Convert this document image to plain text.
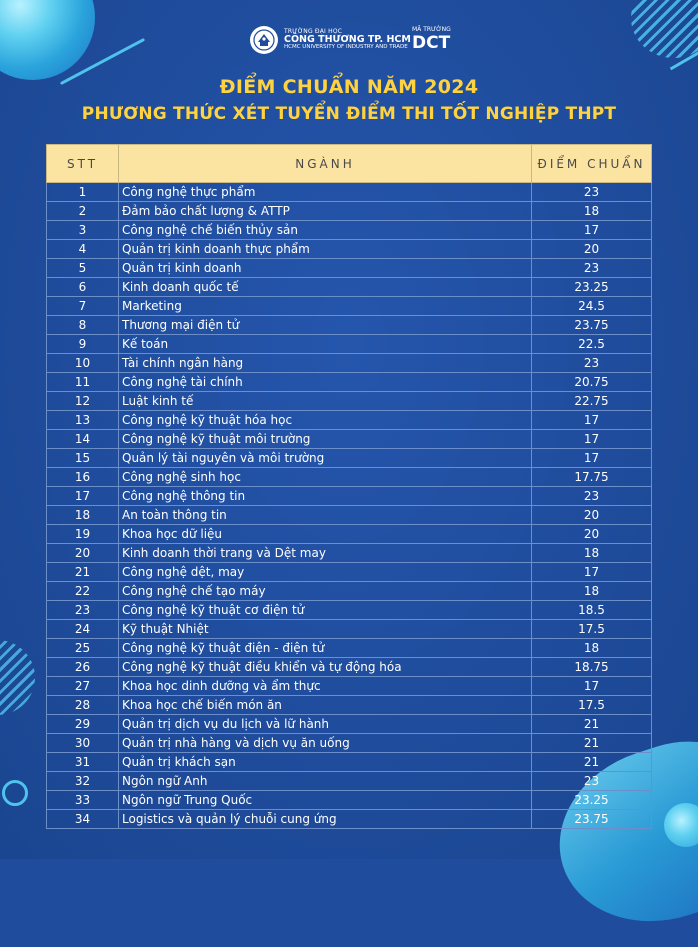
TRƯỜNG ĐẠI HỌC
CÔNG THƯƠNG TP. HCM
HCMC UNIVERSITY OF INDUSTRY AND TRADE
MÃ TRƯỜNG
DCT
ĐIỂM CHUẨN NĂM 2024
PHƯƠNG THỨC XÉT TUYỂN ĐIỂM THI TỐT NGHIỆP THPT
STT	NGÀNH	ĐIỂM CHUẨN
1	Công nghệ thực phẩm	23
2	Đảm bảo chất lượng & ATTP	18
3	Công nghệ chế biến thủy sản	17
4	Quản trị kinh doanh thực phẩm	20
5	Quản trị kinh doanh	23
6	Kinh doanh quốc tế	23.25
7	Marketing	24.5
8	Thương mại điện tử	23.75
9	Kế toán	22.5
10	Tài chính ngân hàng	23
11	Công nghệ tài chính	20.75
12	Luật kinh tế	22.75
13	Công nghệ kỹ thuật hóa học	17
14	Công nghệ kỹ thuật môi trường	17
15	Quản lý tài nguyên và môi trường	17
16	Công nghệ sinh học	17.75
17	Công nghệ thông tin	23
18	An toàn thông tin	20
19	Khoa học dữ liệu	20
20	Kinh doanh thời trang và Dệt may	18
21	Công nghệ dệt, may	17
22	Công nghệ chế tạo máy	18
23	Công nghệ kỹ thuật cơ điện tử	18.5
24	Kỹ thuật Nhiệt	17.5
25	Công nghệ kỹ thuật điện - điện tử	18
26	Công nghệ kỹ thuật điều khiển và tự động hóa	18.75
27	Khoa học dinh dưỡng và ẩm thực	17
28	Khoa học chế biến món ăn	17.5
29	Quản trị dịch vụ du lịch và lữ hành	21
30	Quản trị nhà hàng và dịch vụ ăn uống	21
31	Quản trị khách sạn	21
32	Ngôn ngữ Anh	23
33	Ngôn ngữ Trung Quốc	23.25
34	Logistics và quản lý chuỗi cung ứng	23.75
